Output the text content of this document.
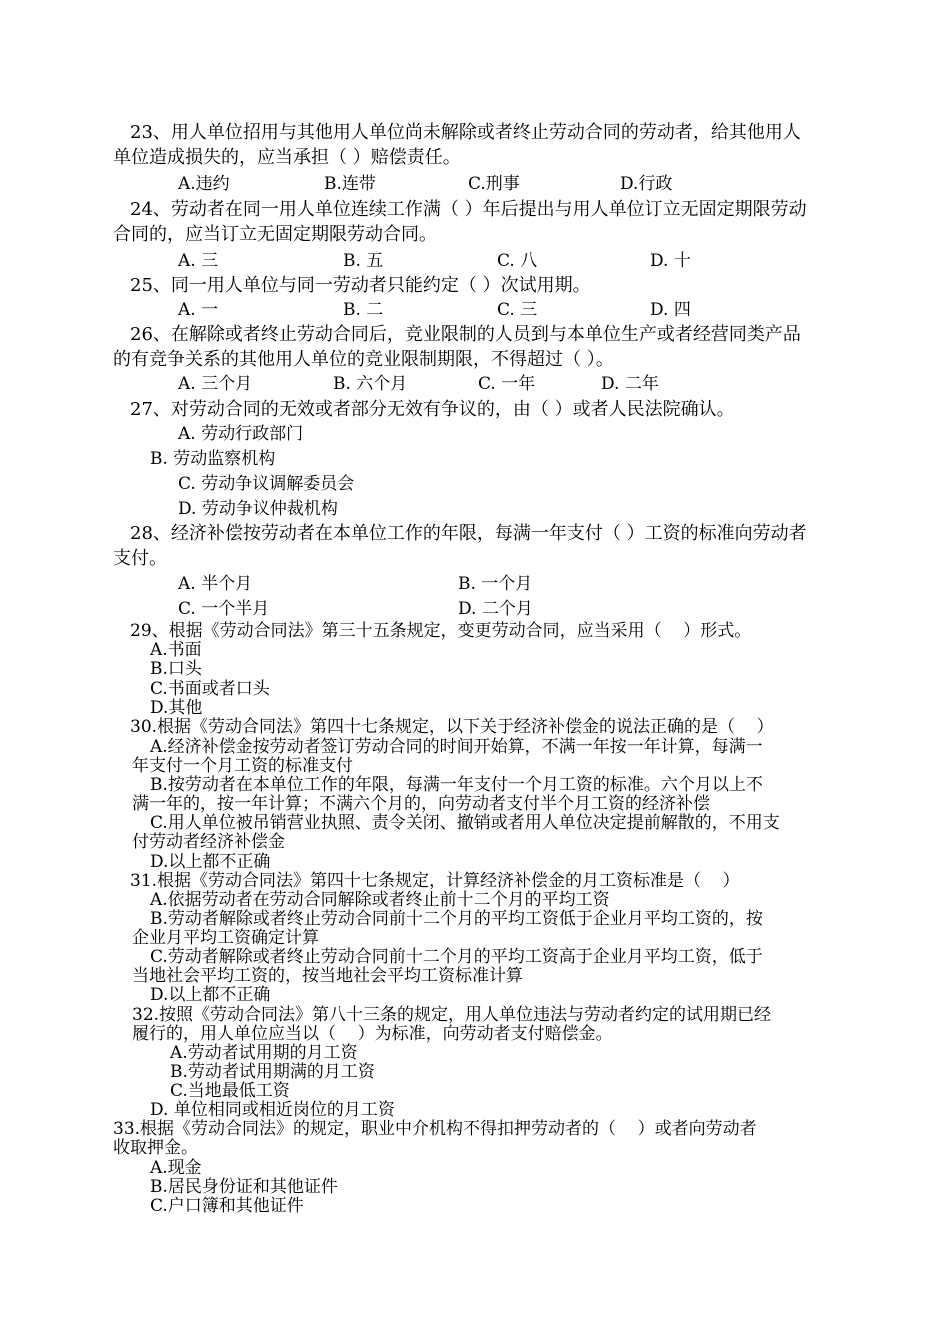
23、用人单位招用与其他用人单位尚未解除或者终止劳动合同的劳动者，给其他用人
单位造成损失的，应当承担（ ）赔偿责任。
A.违约	B.连带	C.刑事	D.行政
24、劳动者在同一用人单位连续工作满（ ）年后提出与用人单位订立无固定期限劳动
合同的，应当订立无固定期限劳动合同。
A. 三	B. 五	C. 八	D. 十
25、同一用人单位与同一劳动者只能约定（ ）次试用期。
A. 一	B. 二	C. 三	D. 四
26、在解除或者终止劳动合同后，竞业限制的人员到与本单位生产或者经营同类产品
的有竞争关系的其他用人单位的竞业限制期限，不得超过（ ）。
A. 三个月	B. 六个月	C. 一年	D. 二年
27、对劳动合同的无效或者部分无效有争议的，由（ ）或者人民法院确认。
A. 劳动行政部门
B. 劳动监察机构
C. 劳动争议调解委员会
D. 劳动争议仲裁机构
28、经济补偿按劳动者在本单位工作的年限，每满一年支付（ ）工资的标准向劳动者
支付。
A. 半个月	B. 一个月
C. 一个半月	D. 二个月
29、根据《劳动合同法》第三十五条规定，变更劳动合同，应当采用（    ）形式。
A.书面
B.口头
C.书面或者口头
D.其他
30.根据《劳动合同法》第四十七条规定，以下关于经济补偿金的说法正确的是（    ）
A.经济补偿金按劳动者签订劳动合同的时间开始算，不满一年按一年计算，每满一
年支付一个月工资的标准支付
B.按劳动者在本单位工作的年限，每满一年支付一个月工资的标准。六个月以上不
满一年的，按一年计算；不满六个月的，向劳动者支付半个月工资的经济补偿
C.用人单位被吊销营业执照、责令关闭、撤销或者用人单位决定提前解散的，不用支
付劳动者经济补偿金
D.以上都不正确
31.根据《劳动合同法》第四十七条规定，计算经济补偿金的月工资标准是（    ）
A.依据劳动者在劳动合同解除或者终止前十二个月的平均工资
B.劳动者解除或者终止劳动合同前十二个月的平均工资低于企业月平均工资的，按
企业月平均工资确定计算
C.劳动者解除或者终止劳动合同前十二个月的平均工资高于企业月平均工资，低于
当地社会平均工资的，按当地社会平均工资标准计算
D.以上都不正确
32.按照《劳动合同法》第八十三条的规定，用人单位违法与劳动者约定的试用期已经
履行的，用人单位应当以（    ）为标准，向劳动者支付赔偿金。
A.劳动者试用期的月工资
B.劳动者试用期满的月工资
C.当地最低工资
D. 单位相同或相近岗位的月工资
33.根据《劳动合同法》的规定，职业中介机构不得扣押劳动者的（    ）或者向劳动者
收取押金。
A.现金
B.居民身份证和其他证件
C.户口簿和其他证件
